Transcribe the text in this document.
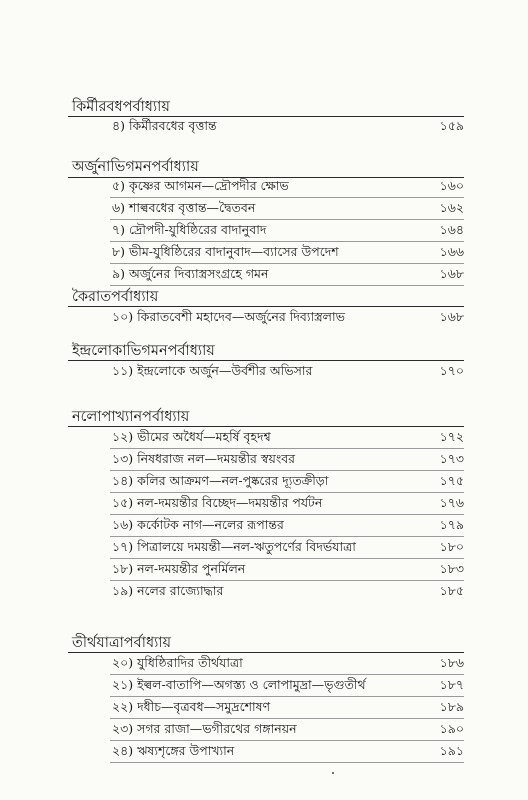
কির্মীরবধপর্বাধ্যায়
৪) কির্মীরবধের বৃত্তান্ত	১৫৯
অর্জুনাভিগমনপর্বাধ্যায়
৫) কৃষ্ণের আগমন—দ্রৌপদীর ক্ষোভ	১৬০
৬) শাল্ববধের বৃত্তান্ত—দ্বৈতবন	১৬২
৭) দ্রৌপদী-যুধিষ্ঠিরের বাদানুবাদ	১৬৪
৮) ভীম-যুধিষ্ঠিরের বাদানুবাদ—ব্যাসের উপদেশ	১৬৬
৯) অর্জুনের দিব্যাস্ত্রসংগ্রহে গমন	১৬৮
কৈরাতপর্বাধ্যায়
১০) কিরাতবেশী মহাদেব—অর্জুনের দিব্যাস্ত্রলাভ	১৬৮
ইন্দ্রলোকাভিগমনপর্বাধ্যায়
১১) ইন্দ্রলোকে অর্জুন—উর্বশীর অভিসার	১৭০
নলোপাখ্যানপর্বাধ্যায়
১২) ভীমের অধৈর্য—মহর্ষি বৃহদশ্ব	১৭২
১৩) নিষধরাজ নল—দময়ন্তীর স্বয়ংবর	১৭৩
১৪) কলির আক্রমণ—নল-পুষ্করের দ্যূতক্রীড়া	১৭৫
১৫) নল-দময়ন্তীর বিচ্ছেদ—দময়ন্তীর পর্যটন	১৭৬
১৬) কর্কোটক নাগ—নলের রূপান্তর	১৭৯
১৭) পিত্রালয়ে দময়ন্তী—নল-ঋতুপর্ণের বিদর্ভযাত্রা	১৮০
১৮) নল-দময়ন্তীর পুনর্মিলন	১৮৩
১৯) নলের রাজ্যোদ্ধার	১৮৫
তীর্থযাত্রাপর্বাধ্যায়
২০) যুধিষ্ঠিরাদির তীর্থযাত্রা	১৮৬
২১) ইল্বল-বাতাপি—অগস্ত্য ও লোপামুদ্রা—ভৃগুতীর্থ	১৮৭
২২) দধীচ—বৃত্রবধ—সমুদ্রশোষণ	১৮৯
২৩) সগর রাজা—ভগীরথের গঙ্গানয়ন	১৯০
২৪) ঋষ্যশৃঙ্গের উপাখ্যান	১৯১
